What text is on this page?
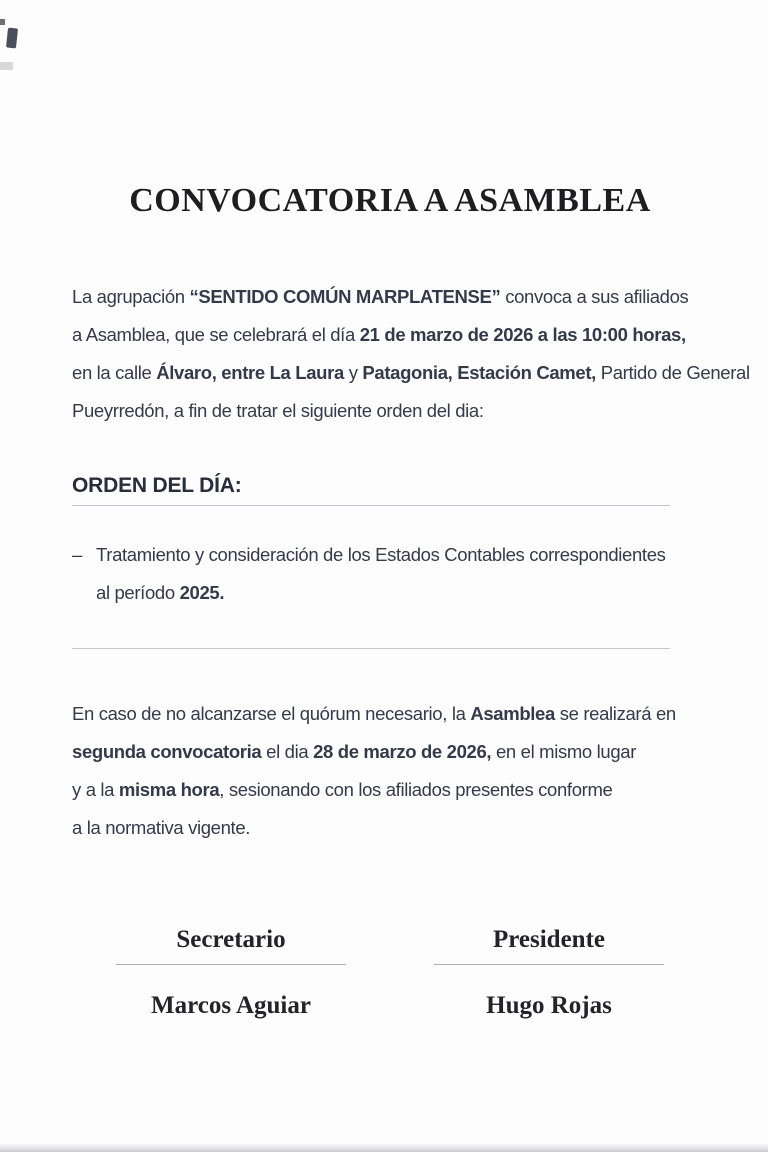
CONVOCATORIA A ASAMBLEA
La agrupación “SENTIDO COMÚN MARPLATENSE” convoca a sus afiliados
a Asamblea, que se celebrará el día 21 de marzo de 2026 a las 10:00 horas,
en la calle Álvaro, entre La Laura y Patagonia, Estación Camet, Partido de General
Pueyrredón, a fin de tratar el siguiente orden del dia:
ORDEN DEL DÍA:
– Tratamiento y consideración de los Estados Contables correspondientes
al período 2025.
En caso de no alcanzarse el quórum necesario, la Asamblea se realizará en
segunda convocatoria el dia 28 de marzo de 2026, en el mismo lugar
y a la misma hora, sesionando con los afiliados presentes conforme
a la normativa vigente.
Secretario
Marcos Aguiar
Presidente
Hugo Rojas
